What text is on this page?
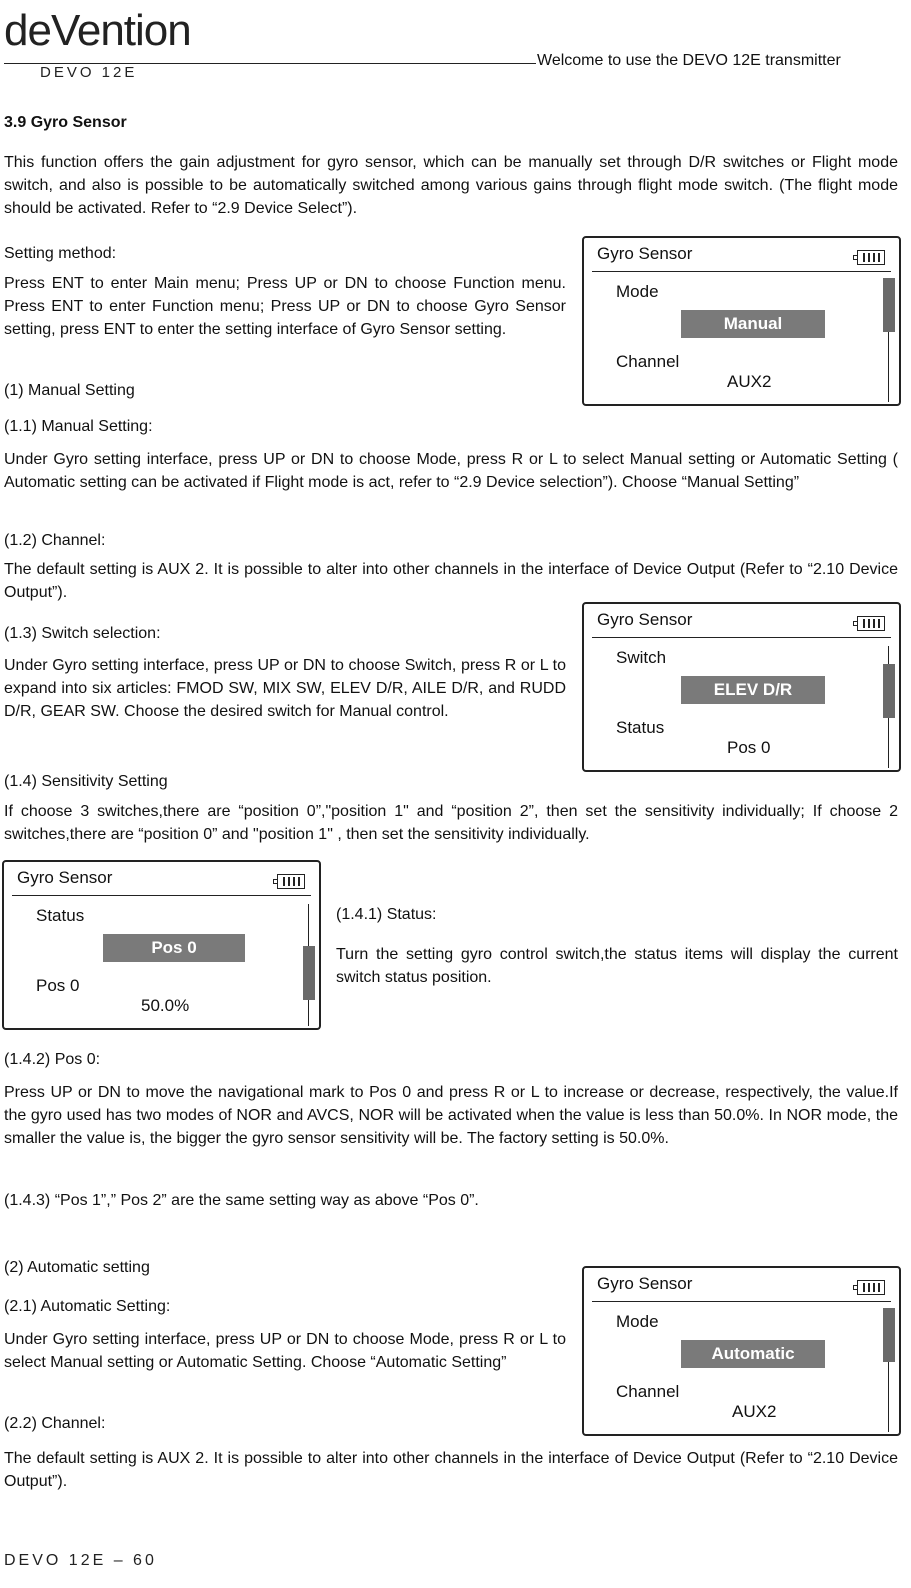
deVention
DEVO 12E
Welcome to use the DEVO 12E transmitter
3.9 Gyro Sensor
This function offers the gain adjustment for gyro sensor, which can be manually set through D/R switches or Flight mode switch, and also is possible to be automatically switched among various gains through flight mode switch. (The flight mode should be activated. Refer to “2.9 Device Select”).
Setting method:
Press ENT to enter Main menu; Press UP or DN to choose Function menu. Press ENT to enter Function menu; Press UP or DN to choose Gyro Sensor setting, press ENT to enter the setting interface of Gyro Sensor setting.
Gyro Sensor
Mode
Manual
Channel
AUX2
(1) Manual Setting
(1.1) Manual Setting:
Under Gyro setting interface, press UP or DN to choose Mode, press R or L to select Manual setting or Automatic Setting ( Automatic setting can be activated if Flight mode is act, refer to “2.9 Device selection”). Choose “Manual Setting”
(1.2) Channel:
The default setting is AUX 2. It is possible to alter into other channels in the interface of Device Output (Refer to “2.10 Device Output”).
Gyro Sensor
Switch
ELEV D/R
Status
Pos 0
(1.3) Switch selection:
Under Gyro setting interface, press UP or DN to choose Switch, press R or L to expand into six articles: FMOD SW, MIX SW, ELEV D/R, AILE D/R, and RUDD D/R, GEAR SW. Choose the desired switch for Manual control.
(1.4) Sensitivity Setting
If choose 3 switches,there are “position 0”,"position 1" and “position 2”, then set the sensitivity individually; If choose 2 switches,there are “position 0” and "position 1" , then set the sensitivity individually.
Gyro Sensor
Status
Pos 0
Pos 0
50.0%
(1.4.1) Status:
Turn the setting gyro control switch,the status items will display the current switch status position.
(1.4.2) Pos 0:
Press UP or DN to move the navigational mark to Pos 0 and press R or L to increase or decrease, respectively, the value.If the gyro used has two modes of NOR and AVCS, NOR will be activated when the value is less than 50.0%. In NOR mode, the smaller the value is, the bigger the gyro sensor sensitivity will be. The factory setting is 50.0%.
(1.4.3) “Pos 1”,” Pos 2” are the same setting way as above “Pos 0”.
(2) Automatic setting
(2.1) Automatic Setting:
Under Gyro setting interface, press UP or DN to choose Mode, press R or L to select Manual setting or Automatic Setting. Choose “Automatic Setting”
Gyro Sensor
Mode
Automatic
Channel
AUX2
(2.2) Channel:
The default setting is AUX 2. It is possible to alter into other channels in the interface of Device Output (Refer to “2.10 Device Output”).
DEVO 12E – 60
